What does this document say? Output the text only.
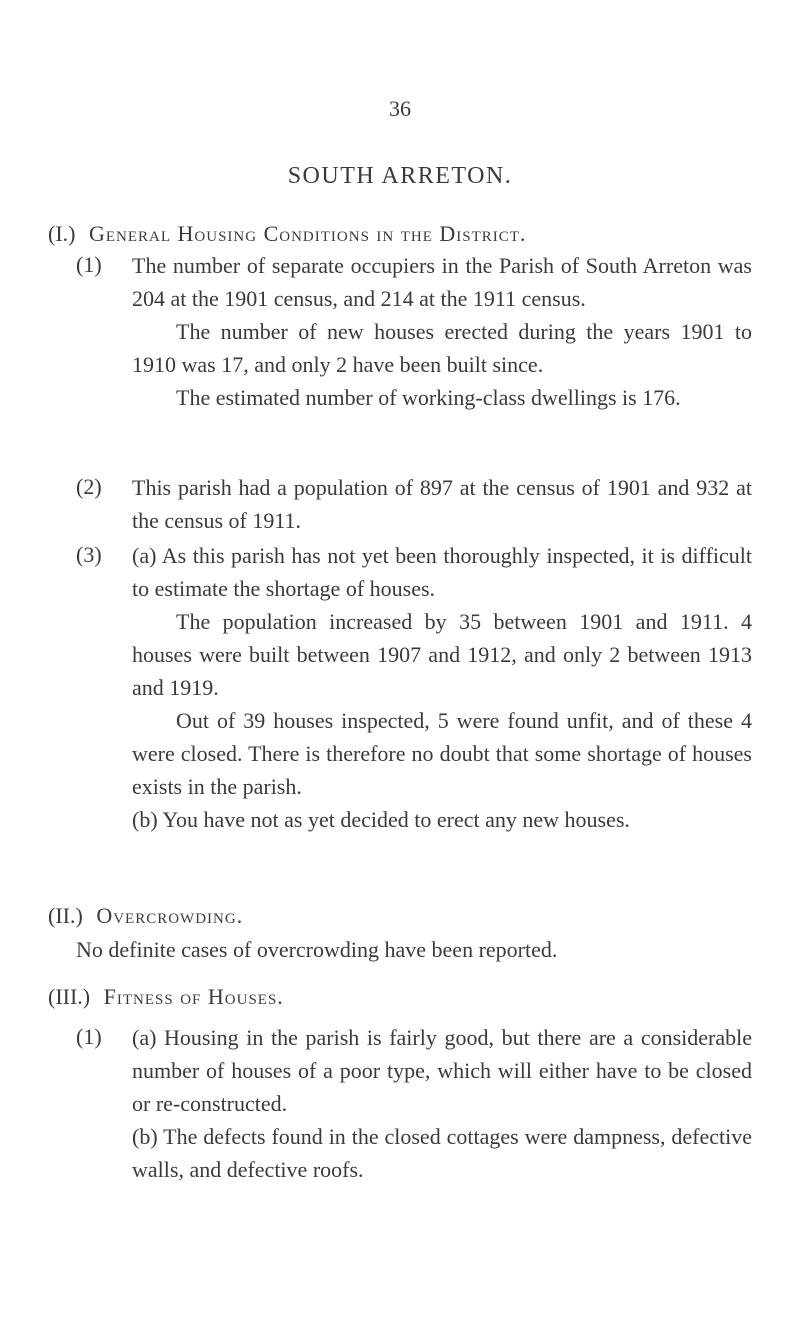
36
SOUTH ARRETON.
(I.) General Housing Conditions in the District.
(1) The number of separate occupiers in the Parish of South Arreton was 204 at the 1901 census, and 214 at the 1911 census.

The number of new houses erected during the years 1901 to 1910 was 17, and only 2 have been built since.

The estimated number of working-class dwellings is 176.

(2) This parish had a population of 897 at the census of 1901 and 932 at the census of 1911.

(3) (a) As this parish has not yet been thoroughly inspected, it is difficult to estimate the shortage of houses.

The population increased by 35 between 1901 and 1911. 4 houses were built between 1907 and 1912, and only 2 between 1913 and 1919.

Out of 39 houses inspected, 5 were found unfit, and of these 4 were closed. There is therefore no doubt that some shortage of houses exists in the parish.

(b) You have not as yet decided to erect any new houses.

(II.) Overcrowding.
No definite cases of overcrowding have been reported.
(III.) Fitness of Houses.
(1) (a) Housing in the parish is fairly good, but there are a considerable number of houses of a poor type, which will either have to be closed or re-constructed.

(b) The defects found in the closed cottages were dampness, defective walls, and defective roofs.
